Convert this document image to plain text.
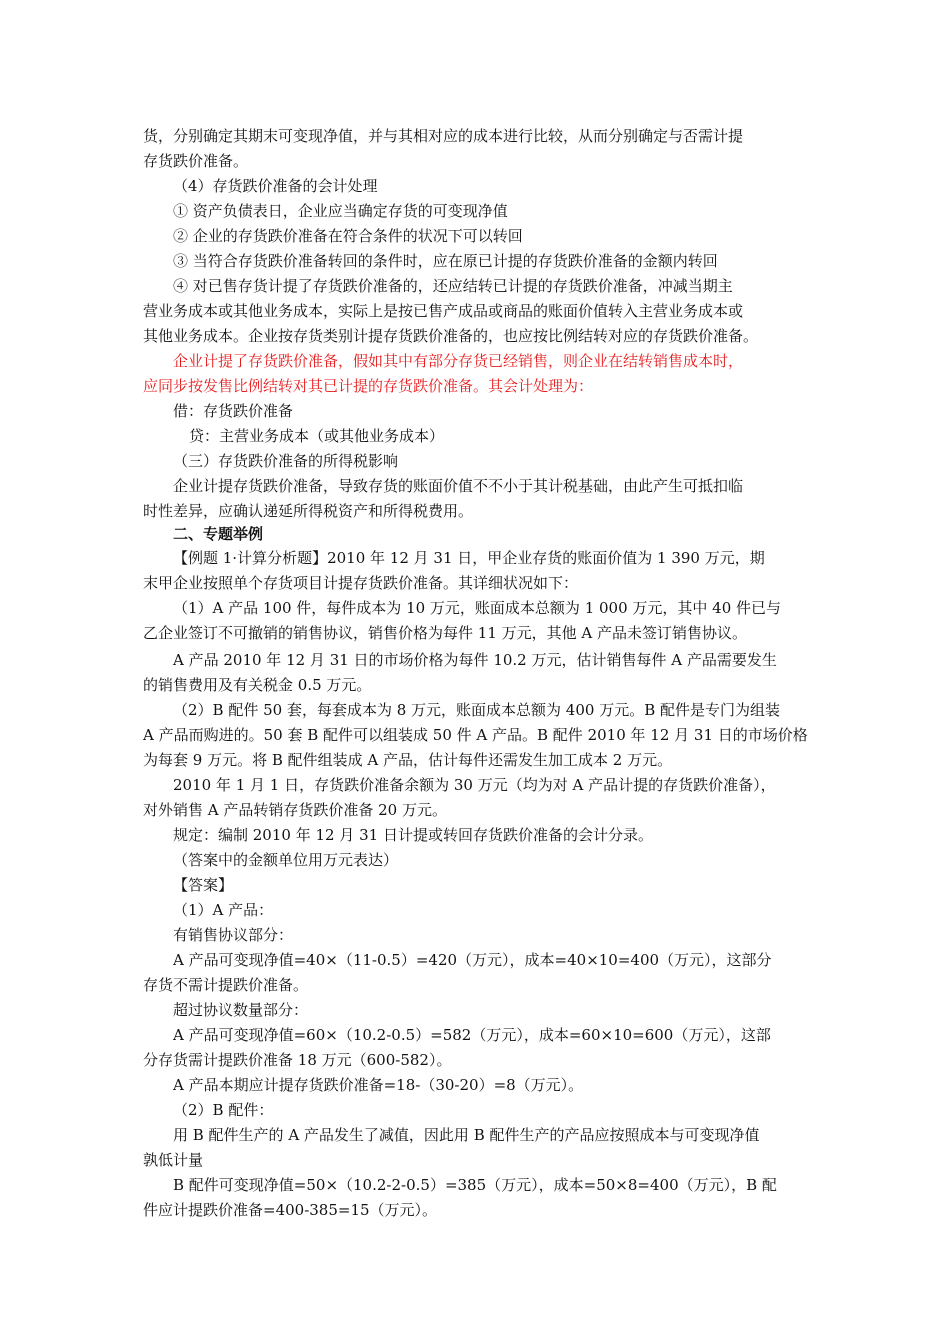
货，分别确定其期末可变现净值，并与其相对应的成本进行比较，从而分别确定与否需计提
存货跌价准备。
（4）存货跌价准备的会计处理
① 资产负债表日，企业应当确定存货的可变现净值
② 企业的存货跌价准备在符合条件的状况下可以转回
③ 当符合存货跌价准备转回的条件时，应在原已计提的存货跌价准备的金额内转回
④ 对已售存货计提了存货跌价准备的，还应结转已计提的存货跌价准备，冲减当期主
营业务成本或其他业务成本，实际上是按已售产成品或商品的账面价值转入主营业务成本或
其他业务成本。企业按存货类别计提存货跌价准备的，也应按比例结转对应的存货跌价准备。
企业计提了存货跌价准备，假如其中有部分存货已经销售，则企业在结转销售成本时，
应同步按发售比例结转对其已计提的存货跌价准备。其会计处理为：
借：存货跌价准备
贷：主营业务成本（或其他业务成本）
（三）存货跌价准备的所得税影响
企业计提存货跌价准备，导致存货的账面价值不不小于其计税基础，由此产生可抵扣临
时性差异，应确认递延所得税资产和所得税费用。
二、专题举例
【例题 1·计算分析题】2010 年 12 月 31 日，甲企业存货的账面价值为 1 390 万元，期
末甲企业按照单个存货项目计提存货跌价准备。其详细状况如下：
（1）A 产品 100 件，每件成本为 10 万元，账面成本总额为 1 000 万元，其中 40 件已与
乙企业签订不可撤销的销售协议，销售价格为每件 11 万元，其他 A 产品未签订销售协议。
A 产品 2010 年 12 月 31 日的市场价格为每件 10.2 万元，估计销售每件 A 产品需要发生
的销售费用及有关税金 0.5 万元。
（2）B 配件 50 套，每套成本为 8 万元，账面成本总额为 400 万元。B 配件是专门为组装
A 产品而购进的。50 套 B 配件可以组装成 50 件 A 产品。B 配件 2010 年 12 月 31 日的市场价格
为每套 9 万元。将 B 配件组装成 A 产品，估计每件还需发生加工成本 2 万元。
2010 年 1 月 1 日，存货跌价准备余额为 30 万元（均为对 A 产品计提的存货跌价准备），
对外销售 A 产品转销存货跌价准备 20 万元。
规定：编制 2010 年 12 月 31 日计提或转回存货跌价准备的会计分录。
（答案中的金额单位用万元表达）
【答案】
（1）A 产品：
有销售协议部分：
A 产品可变现净值=40×（11-0.5）=420（万元），成本=40×10=400（万元），这部分
存货不需计提跌价准备。
超过协议数量部分：
A 产品可变现净值=60×（10.2-0.5）=582（万元），成本=60×10=600（万元），这部
分存货需计提跌价准备 18 万元（600-582）。
A 产品本期应计提存货跌价准备=18-（30-20）=8（万元）。
（2）B 配件：
用 B 配件生产的 A 产品发生了减值，因此用 B 配件生产的产品应按照成本与可变现净值
孰低计量
B 配件可变现净值=50×（10.2-2-0.5）=385（万元），成本=50×8=400（万元），B 配
件应计提跌价准备=400-385=15（万元）。
